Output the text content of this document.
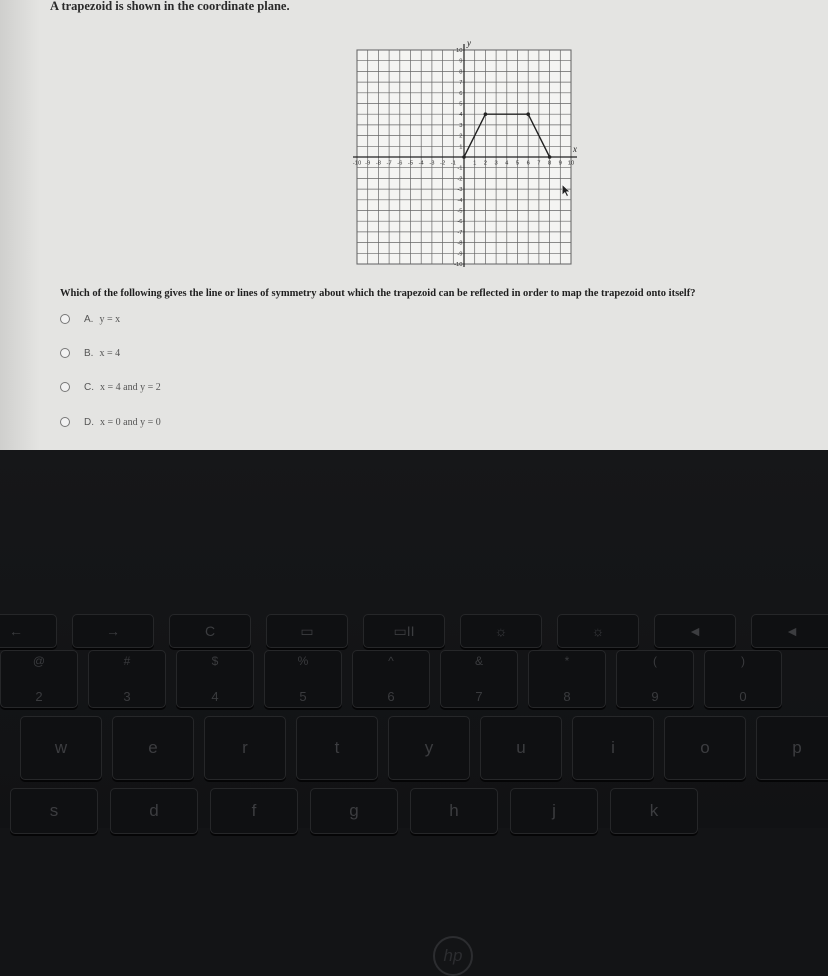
A trapezoid is shown in the coordinate plane.

x
y
-10 -9 -8 -7 -6 -5 -4 -3 -2 -1	1 2 3 4 5 6 7 8 9 10
10
9
8
7
6
5
4
3
2
1
-1
-2
-3
-4
-5
-6
-7
-8
-9
-10

Which of the following gives the line or lines of symmetry about which the trapezoid can be reflected in order to map the trapezoid onto itself?

A. y = x
B. x = 4
C. x = 4 and y = 2
D. x = 0 and y = 0
hp
←	→	C	▭	▭II	☼	☼	◄	◄
@
2
#
3
$
4
%
5
^
6
&
7
*
8
(
9
)
0
w	e	r	t	y	u	i	o	p
s	d	f	g	h	j	k
